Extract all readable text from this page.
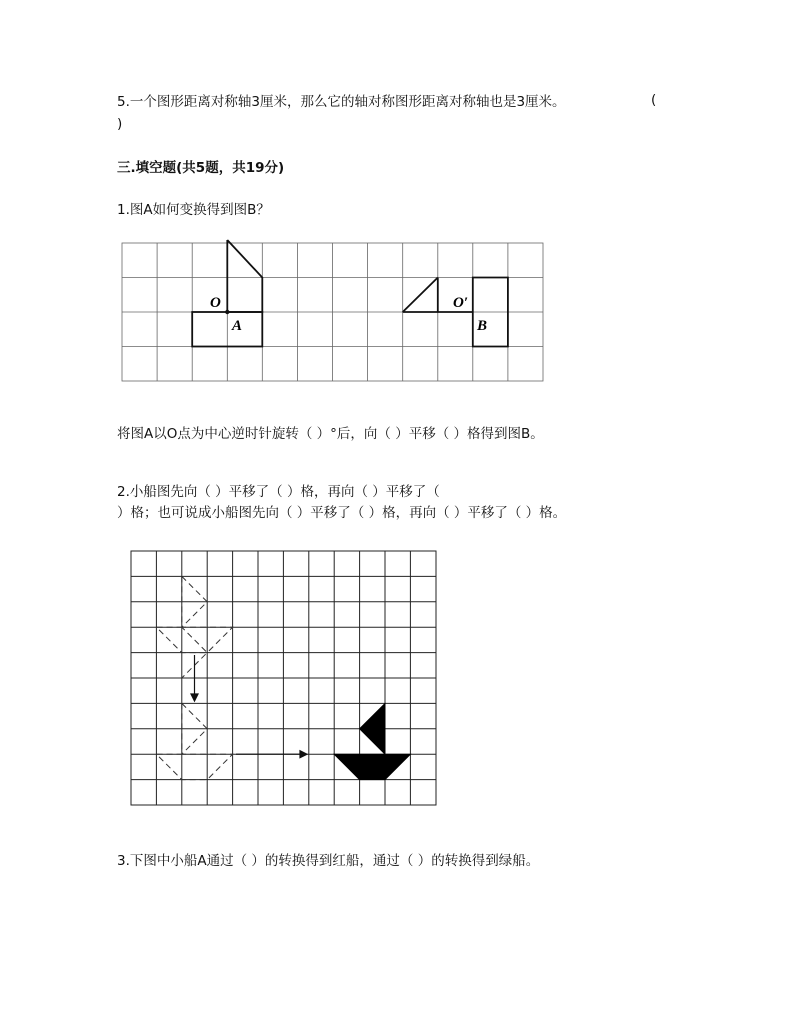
5.一个图形距离对称轴3厘米，那么它的轴对称图形距离对称轴也是3厘米。	(
)
三.填空题(共5题，共19分)
1.图A如何变换得到图B？
O
A
O′
B
将图A以O点为中心逆时针旋转（ ）°后，向（ ）平移（ ）格得到图B。
2.小船图先向（ ）平移了（ ）格，再向（ ）平移了（
）格；也可说成小船图先向（ ）平移了（ ）格，再向（ ）平移了（ ）格。
3.下图中小船A通过（ ）的转换得到红船，通过（ ）的转换得到绿船。
